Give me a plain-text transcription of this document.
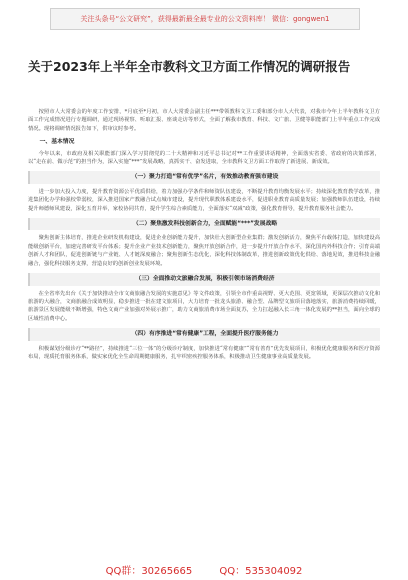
关注头条号“公文研究”，获得最新最全最专业的公文资料库！ 微信：gongwen1
关于2023年上半年全市教科文卫方面工作情况的调研报告

按照市人大常委会的年度工作安排，*月底至*月初，市人大常委会副主任***带领教科文卫工委和部分市人大代表，对我市今年上半年教科文卫方面工作完成情况进行专题调研，通过现场视察、听取汇报、座谈走访等形式，全面了解我市教育、科技、文广旅、卫健等职能部门上半年重点工作完成情况。现将调研情况报告如下，供审议时参考。

一、基本情况

今年以来，市政府及相关职能部门深入学习贯彻党的二十大精神和习近平总书记对**工作重要讲话精神，全面落实省委、省政府的决策部署，以“走在前、做示范”的担当作为，深入实施“***”发展战略，真抓实干、奋发进取，全市教科文卫方面工作取得了新进展、新成效。

（一）聚力打造“常有优学”名片，有效推动教育强市建设

进一步加大投入力度，提升教育资源公平优质供给，着力加强办学条件和师资队伍建设，不断提升教育均衡发展水平；持续深化教育教学改革，推进集团化办学和强校带弱校，深入推进国家产教融合试点城市建设，提升现代职教体系建设水平，促进职业教育高质量发展；加强教师队伍建设，持续提升师德师风建设，深化五育并举，家校协同共育，提升学生综合素质能力，全面落实“双减”政策，强化教育督导，提升教育服务社会能力。

（二）聚焦激发科技创新合力，全面赋能“***”发展战略

聚焦创新主体培育，推进企业研发机构建设，促进企业创新能力提升，加快壮大创新型企业集群；激发创新活力，聚焦平台载体打造，加快建设高能级创新平台，加速完善研发平台体系；提升企业产业技术创新能力，聚焦开放创新合作，进一步提升开放合作水平，深化国内外科技合作；引育高端创新人才和团队，促进创新链与产业链、人才链深度融合；聚焦创新生态优化，深化科技体制改革，推进创新政策优化供给、落地见效，推进科技金融融合，强化科技服务支撑，营造良好的创新创业发展环境。

（三）全面推动文旅融合发展，积极引领市场消费经济

在全省率先出台《关于加快推动全市文商旅融合发展的实施意见》等文件政策，引领全市作重高视野、更大范围、更宽领域，更深层次推动文化和旅游的大融合，文商旅融合成效明显，稳步推进一批在建文旅项目，大力培育一批龙头旅游、融合型、品牌型文旅项目落地落实，旅游消费持续回暖，旅游景区发展能级不断增强，特色文商产业加强对外展示推广，助力文商旅消费市场全面复苏，全力扛起融入长三角一体化发展的**担当，面向全球的区域性消费中心。

（四）有序推进“常有健康”工程，全面提升医疗服务能力

积极谋划分级诊疗“**路径”，持续推进“三位一体”的分级诊疗制度，加快推进“常有健康”“常有善育”优先发展项目，积极优化健康服务和医疗资源布局，现质托育服务体系，做实家优化全生命周期健康服务，扎牢织密疾控服务体系，积极推动卫生健康事业高质量发展。

QQ群：30265665	QQ：535304092
